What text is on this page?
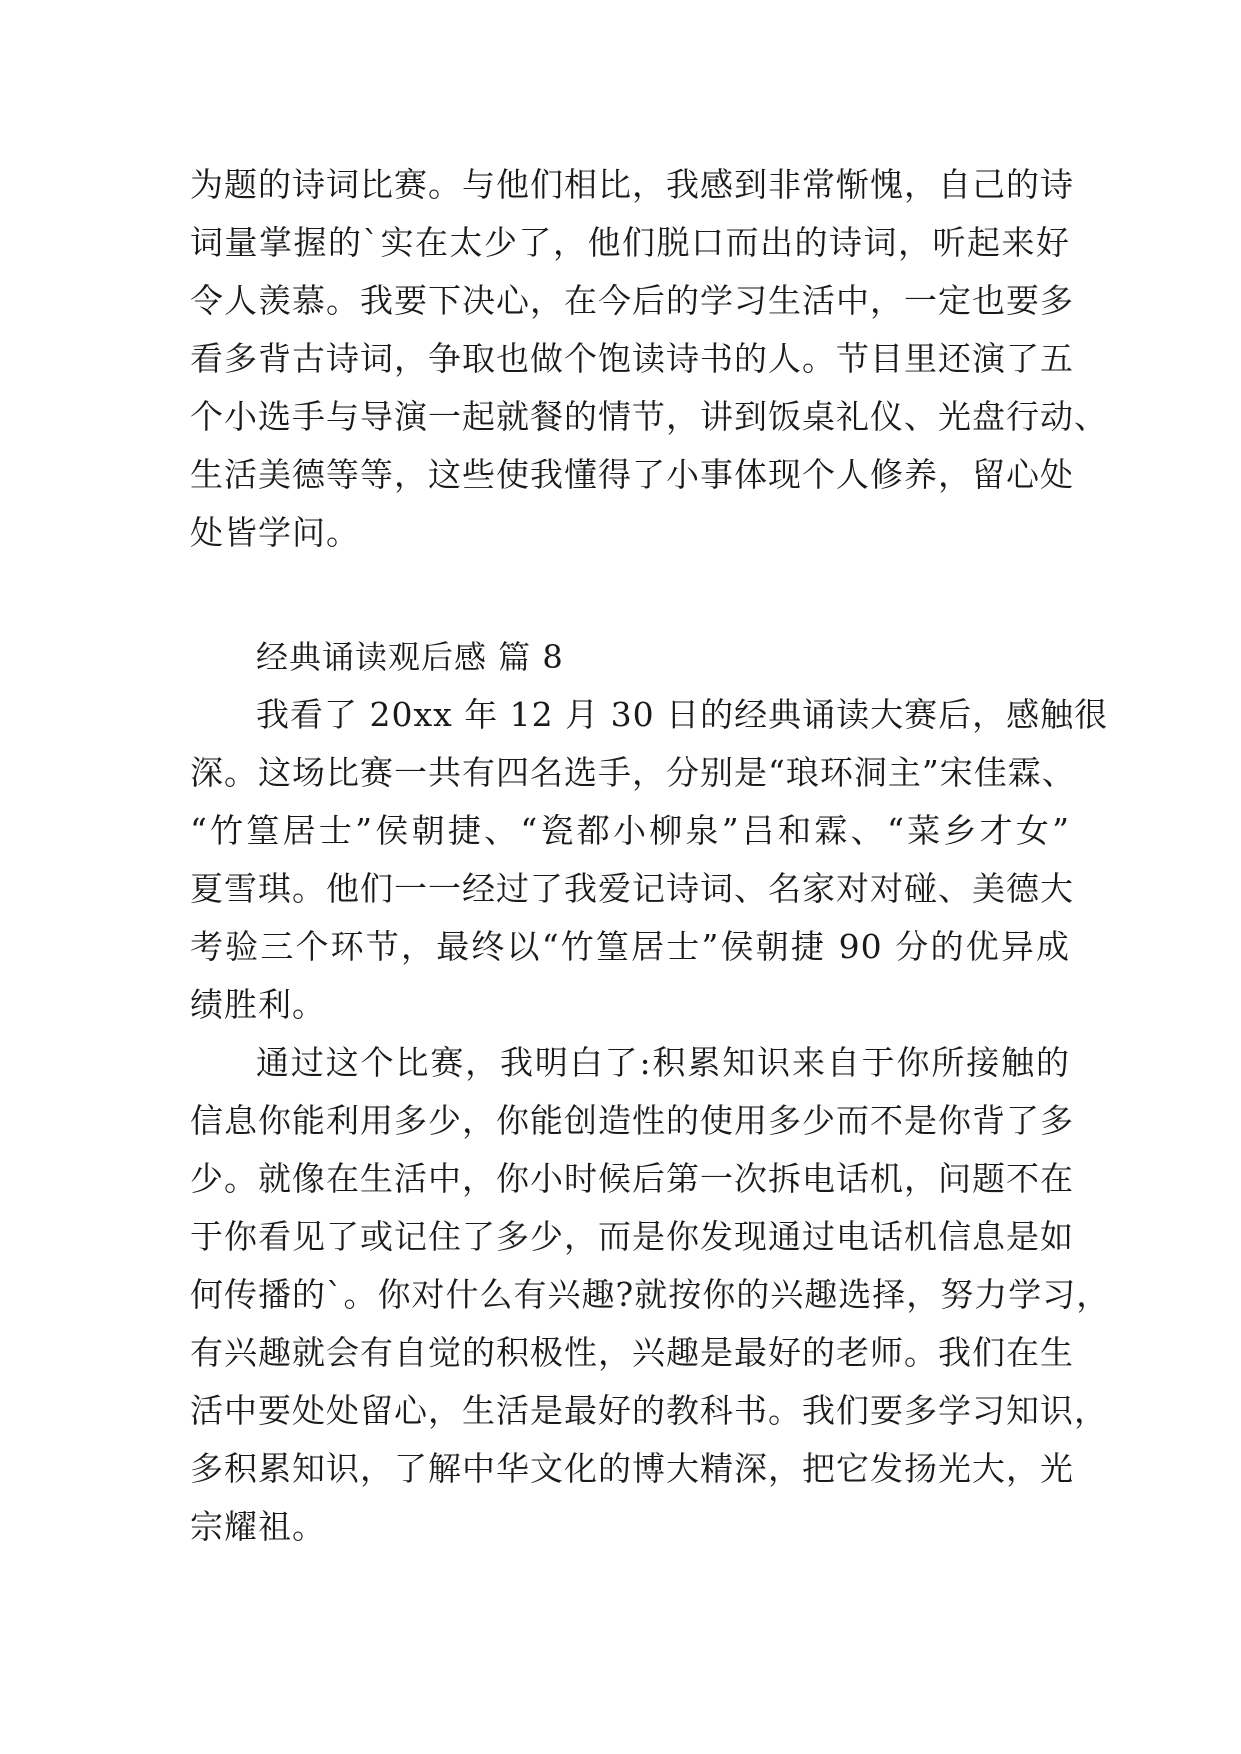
为题的诗词比赛。与他们相比，我感到非常惭愧，自己的诗
词量掌握的`实在太少了，他们脱口而出的诗词，听起来好
令人羡慕。我要下决心，在今后的学习生活中，一定也要多
看多背古诗词，争取也做个饱读诗书的人。节目里还演了五
个小选手与导演一起就餐的情节，讲到饭桌礼仪、光盘行动、
生活美德等等，这些使我懂得了小事体现个人修养，留心处
处皆学问。
经典诵读观后感 篇 8
我看了 20xx 年 12 月 30 日的经典诵读大赛后，感触很
深。这场比赛一共有四名选手，分别是“琅环洞主”宋佳霖、
“竹篁居士”侯朝捷、“瓷都小柳泉”吕和霖、“菜乡才女”
夏雪琪。他们一一经过了我爱记诗词、名家对对碰、美德大
考验三个环节，最终以“竹篁居士”侯朝捷 90 分的优异成
绩胜利。
通过这个比赛，我明白了:积累知识来自于你所接触的
信息你能利用多少，你能创造性的使用多少而不是你背了多
少。就像在生活中，你小时候后第一次拆电话机，问题不在
于你看见了或记住了多少，而是你发现通过电话机信息是如
何传播的`。你对什么有兴趣?就按你的兴趣选择，努力学习，
有兴趣就会有自觉的积极性，兴趣是最好的老师。我们在生
活中要处处留心，生活是最好的教科书。我们要多学习知识，
多积累知识，了解中华文化的博大精深，把它发扬光大，光
宗耀祖。
